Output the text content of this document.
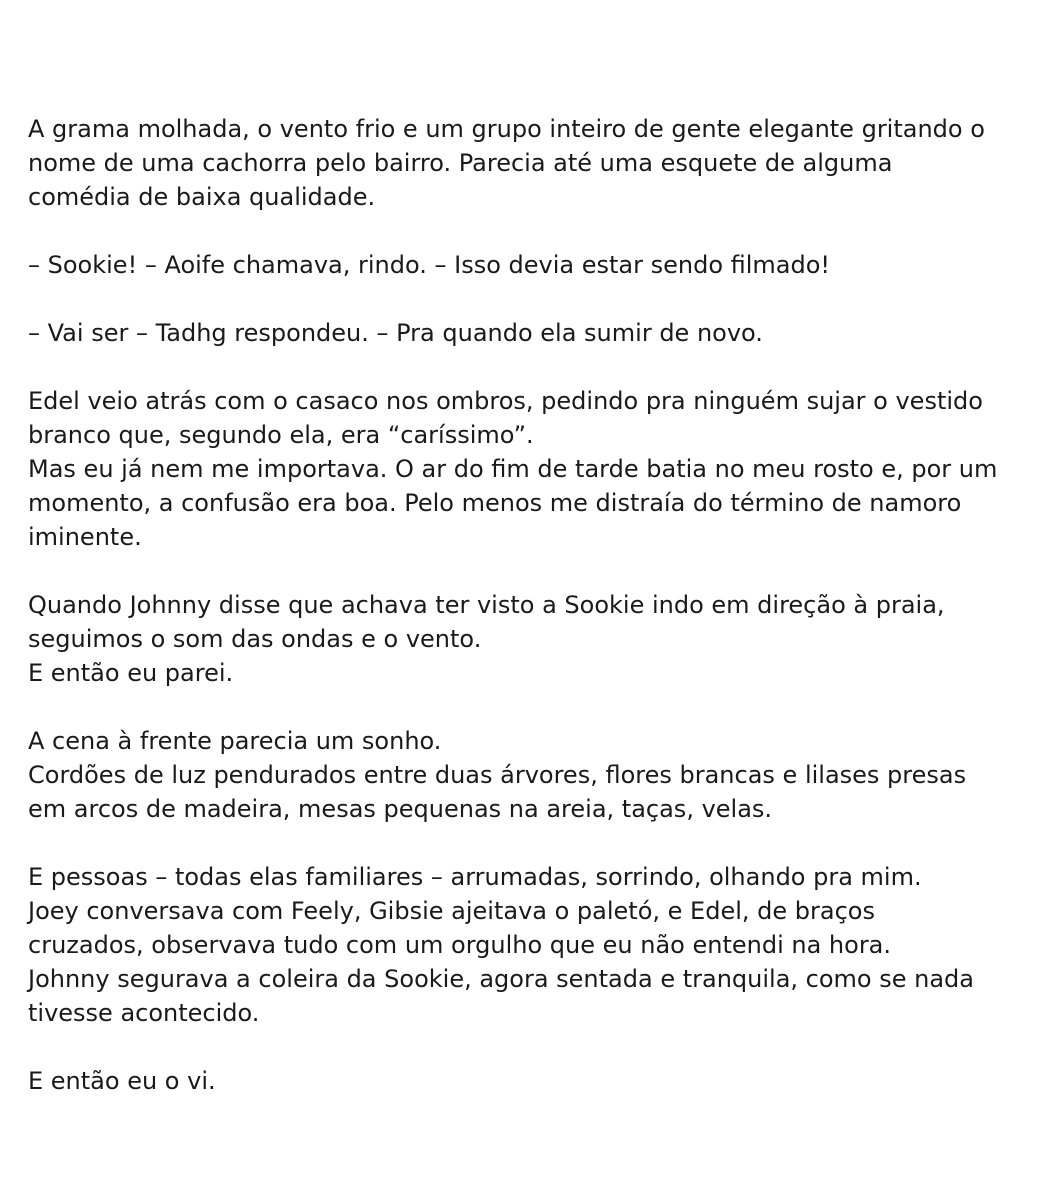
A grama molhada, o vento frio e um grupo inteiro de gente elegante gritando o
nome de uma cachorra pelo bairro. Parecia até uma esquete de alguma
comédia de baixa qualidade.

– Sookie! – Aoife chamava, rindo. – Isso devia estar sendo filmado!

– Vai ser – Tadhg respondeu. – Pra quando ela sumir de novo.

Edel veio atrás com o casaco nos ombros, pedindo pra ninguém sujar o vestido
branco que, segundo ela, era “caríssimo”.
Mas eu já nem me importava. O ar do fim de tarde batia no meu rosto e, por um
momento, a confusão era boa. Pelo menos me distraía do término de namoro
iminente.

Quando Johnny disse que achava ter visto a Sookie indo em direção à praia,
seguimos o som das ondas e o vento.
E então eu parei.

A cena à frente parecia um sonho.
Cordões de luz pendurados entre duas árvores, flores brancas e lilases presas
em arcos de madeira, mesas pequenas na areia, taças, velas.

E pessoas – todas elas familiares – arrumadas, sorrindo, olhando pra mim.
Joey conversava com Feely, Gibsie ajeitava o paletó, e Edel, de braços
cruzados, observava tudo com um orgulho que eu não entendi na hora.
Johnny segurava a coleira da Sookie, agora sentada e tranquila, como se nada
tivesse acontecido.

E então eu o vi.
